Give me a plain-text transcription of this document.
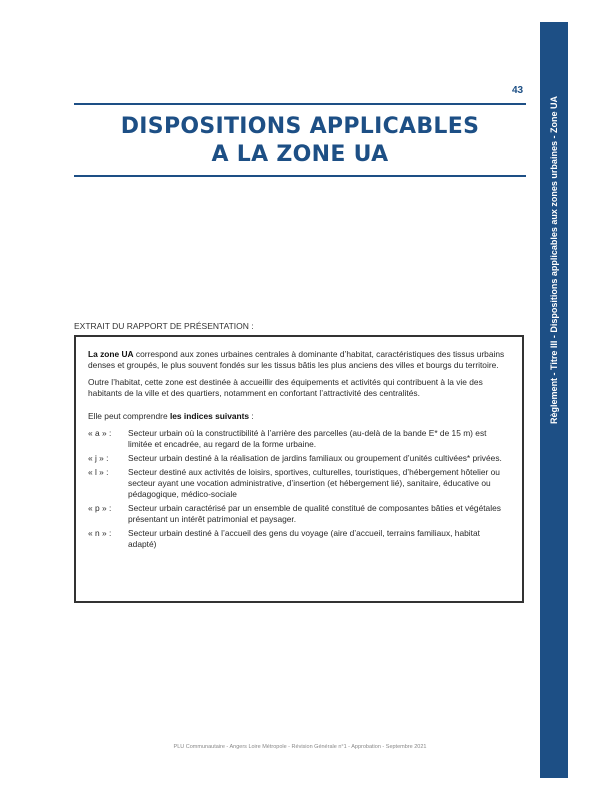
Règlement - Titre III - Dispositions applicables aux zones urbaines - Zone UA
43
DISPOSITIONS APPLICABLES
A LA ZONE UA
EXTRAIT DU RAPPORT DE PRÉSENTATION :

La zone UA correspond aux zones urbaines centrales à dominante d’habitat, caractéristiques des tissus urbains denses et groupés, le plus souvent fondés sur les tissus bâtis les plus anciens des villes et bourgs du territoire.

Outre l’habitat, cette zone est destinée à accueillir des équipements et activités qui contribuent à la vie des habitants de la ville et des quartiers, notamment en confortant l’attractivité des centralités.

Elle peut comprendre les indices suivants :

« a » :	Secteur urbain où la constructibilité à l’arrière des parcelles (au-delà de la bande E* de 15 m) est limitée et encadrée, au regard de la forme urbaine.
« j » :	Secteur urbain destiné à la réalisation de jardins familiaux ou groupement d’unités cultivées* privées.
« l » :	Secteur destiné aux activités de loisirs, sportives, culturelles, touristiques, d’hébergement hôtelier ou secteur ayant une vocation administrative, d’insertion (et hébergement lié), sanitaire, éducative ou pédagogique, médico-sociale
« p » :	Secteur urbain caractérisé par un ensemble de qualité constitué de composantes bâties et végétales présentant un intérêt patrimonial et paysager.
« n » :	Secteur urbain destiné à l’accueil des gens du voyage (aire d’accueil, terrains familiaux, habitat adapté)
PLU Communautaire - Angers Loire Métropole - Révision Générale n°1 - Approbation - Septembre 2021
